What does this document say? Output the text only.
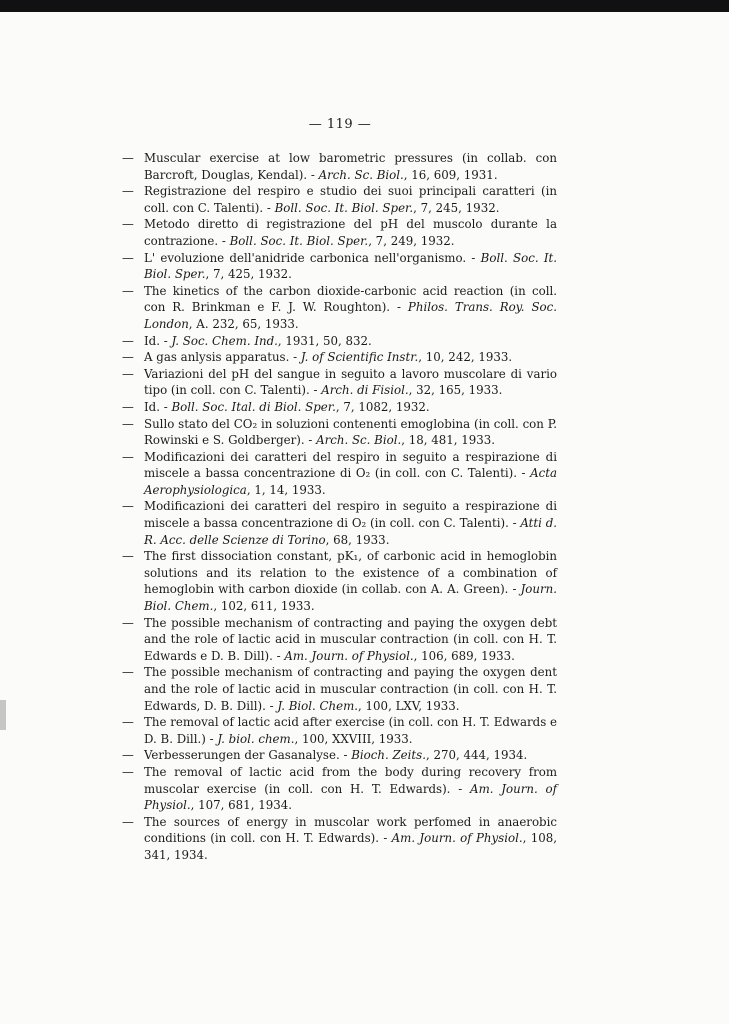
— 119 —
— Muscular exercise at low barometric pressures (in collab. con Barcroft, Douglas, Kendal). - Arch. Sc. Biol., 16, 609, 1931.
— Registrazione del respiro e studio dei suoi principali caratteri (in coll. con C. Talenti). - Boll. Soc. It. Biol. Sper., 7, 245, 1932.
— Metodo diretto di registrazione del pH del muscolo durante la contrazione. - Boll. Soc. It. Biol. Sper., 7, 249, 1932.
— L' evoluzione dell'anidride carbonica nell'organismo. - Boll. Soc. It. Biol. Sper., 7, 425, 1932.
— The kinetics of the carbon dioxide-carbonic acid reaction (in coll. con R. Brinkman e F. J. W. Roughton). - Philos. Trans. Roy. Soc. London, A. 232, 65, 1933.
— Id. - J. Soc. Chem. Ind., 1931, 50, 832.
— A gas anlysis apparatus. - J. of Scientific Instr., 10, 242, 1933.
— Variazioni del pH del sangue in seguito a lavoro muscolare di vario tipo (in coll. con C. Talenti). - Arch. di Fisiol., 32, 165, 1933.
— Id. - Boll. Soc. Ital. di Biol. Sper., 7, 1082, 1932.
— Sullo stato del CO₂ in soluzioni contenenti emoglobina (in coll. con P. Rowinski e S. Goldberger). - Arch. Sc. Biol., 18, 481, 1933.
— Modificazioni dei caratteri del respiro in seguito a respirazione di miscele a bassa concentrazione di O₂ (in coll. con C. Talenti). - Acta Aerophysiologica, 1, 14, 1933.
— Modificazioni dei caratteri del respiro in seguito a respirazione di miscele a bassa concentrazione di O₂ (in coll. con C. Talenti). - Atti d. R. Acc. delle Scienze di Torino, 68, 1933.
— The first dissociation constant, pK₁, of carbonic acid in hemoglobin solutions and its relation to the existence of a combination of hemoglobin with carbon dioxide (in collab. con A. A. Green). - Journ. Biol. Chem., 102, 611, 1933.
— The possible mechanism of contracting and paying the oxygen debt and the role of lactic acid in muscular contraction (in coll. con H. T. Edwards e D. B. Dill). - Am. Journ. of Physiol., 106, 689, 1933.
— The possible mechanism of contracting and paying the oxygen dent and the role of lactic acid in muscular contraction (in coll. con H. T. Edwards, D. B. Dill). - J. Biol. Chem., 100, LXV, 1933.
— The removal of lactic acid after exercise (in coll. con H. T. Edwards e D. B. Dill.) - J. biol. chem., 100, XXVIII, 1933.
— Verbesserungen der Gasanalyse. - Bioch. Zeits., 270, 444, 1934.
— The removal of lactic acid from the body during recovery from muscolar exercise (in coll. con H. T. Edwards). - Am. Journ. of Physiol., 107, 681, 1934.
— The sources of energy in muscolar work perfomed in anaerobic conditions (in coll. con H. T. Edwards). - Am. Journ. of Physiol., 108, 341, 1934.
